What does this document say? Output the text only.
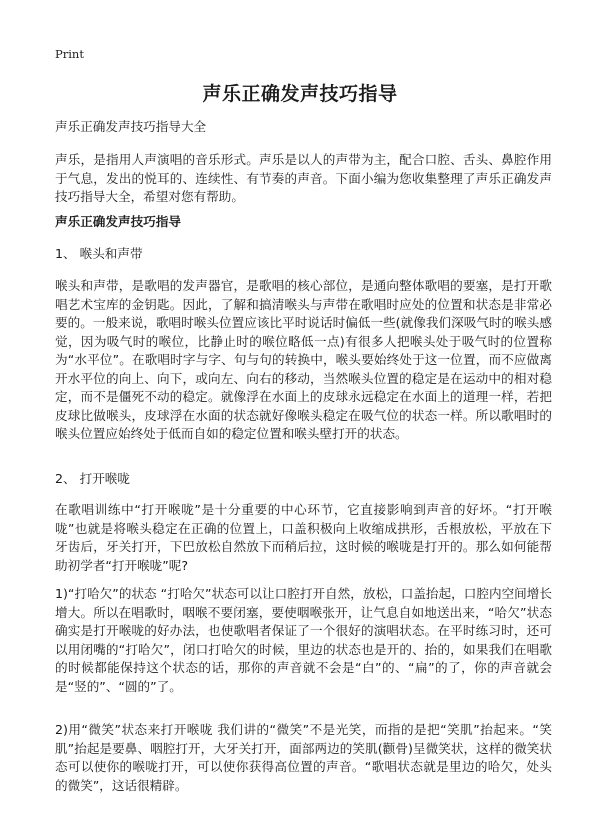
Print
声乐正确发声技巧指导

声乐正确发声技巧指导大全

声乐，是指用人声演唱的音乐形式。声乐是以人的声带为主，配合口腔、舌头、鼻腔作用于气息，发出的悦耳的、连续性、有节奏的声音。下面小编为您收集整理了声乐正确发声技巧指导大全，希望对您有帮助。

声乐正确发声技巧指导

1、 喉头和声带

喉头和声带，是歌唱的发声器官，是歌唱的核心部位，是通向整体歌唱的要塞，是打开歌唱艺术宝库的金钥匙。因此，了解和搞清喉头与声带在歌唱时应处的位置和状态是非常必要的。一般来说，歌唱时喉头位置应该比平时说话时偏低一些(就像我们深吸气时的喉头感觉，因为吸气时的喉位，比静止时的喉位略低一点)有很多人把喉头处于吸气时的位置称为“水平位”。在歌唱时字与字、句与句的转换中，喉头要始终处于这一位置，而不应做离开水平位的向上、向下，或向左、向右的移动，当然喉头位置的稳定是在运动中的相对稳定，而不是僵死不动的稳定。就像浮在水面上的皮球永远稳定在水面上的道理一样，若把皮球比做喉头，皮球浮在水面的状态就好像喉头稳定在吸气位的状态一样。所以歌唱时的喉头位置应始终处于低而自如的稳定位置和喉头壁打开的状态。

2、 打开喉咙

在歌唱训练中“打开喉咙”是十分重要的中心环节，它直接影响到声音的好坏。“打开喉咙”也就是将喉头稳定在正确的位置上，口盖积极向上收缩成拱形，舌根放松，平放在下牙齿后，牙关打开，下巴放松自然放下而稍后拉，这时候的喉咙是打开的。那么如何能帮助初学者“打开喉咙”呢?

1)“打哈欠”的状态 “打哈欠”状态可以让口腔打开自然，放松，口盖抬起，口腔内空间增长增大。所以在唱歌时，咽喉不要闭塞，要使咽喉张开，让气息自如地送出来，“哈欠”状态确实是打开喉咙的好办法，也使歌唱者保证了一个很好的演唱状态。在平时练习时，还可以用闭嘴的“打哈欠”，闭口打哈欠的时候，里边的状态也是开的、抬的，如果我们在唱歌的时候都能保持这个状态的话，那你的声音就不会是“白”的、“扁”的了，你的声音就会是“竖的”、“圆的”了。

2)用“微笑”状态来打开喉咙 我们讲的“微笑”不是光笑，而指的是把“笑肌”抬起来。“笑肌”抬起是要鼻、咽腔打开，大牙关打开，面部两边的笑肌(颧骨)呈微笑状，这样的微笑状态可以使你的喉咙打开，可以使你获得高位置的声音。“歌唱状态就是里边的哈欠，处头的微笑”，这话很精辟。
